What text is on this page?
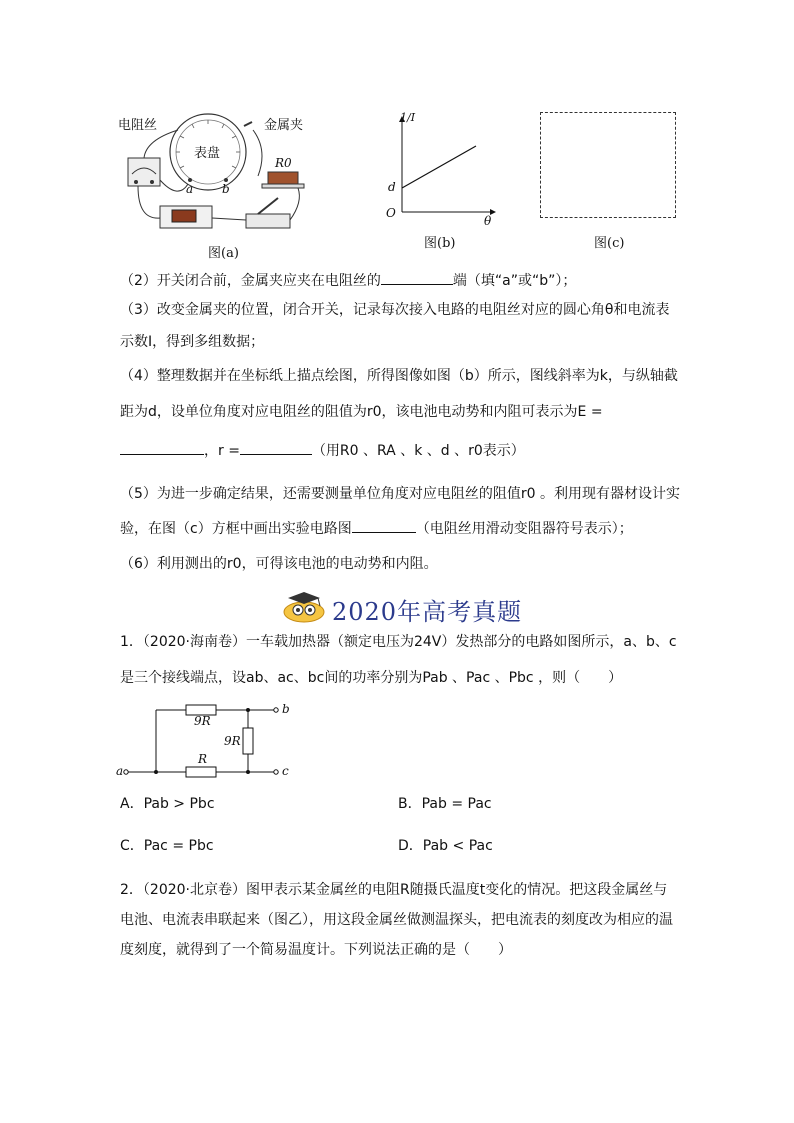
电阻丝	金属夹
表盘
R0
a b
图(a)
1/I
O
d
θ
图(b)	图(c)
（2）开关闭合前，金属夹应夹在电阻丝的	端（填“a”或“b”）；
（3）改变金属夹的位置，闭合开关，记录每次接入电路的电阻丝对应的圆心角θ和电流表
示数I，得到多组数据；
（4）整理数据并在坐标纸上描点绘图，所得图像如图（b）所示，图线斜率为k，与纵轴截
距为d，设单位角度对应电阻丝的阻值为r0，该电池电动势和内阻可表示为E =
，r =	（用R0 、RA 、k 、d 、r0表示）
（5）为进一步确定结果，还需要测量单位角度对应电阻丝的阻值r0 。利用现有器材设计实
验，在图（c）方框中画出实验电路图	（电阻丝用滑动变阻器符号表示）；
（6）利用测出的r0，可得该电池的电动势和内阻。
2020年高考真题
1．（2020·海南卷）一车载加热器（额定电压为24V）发热部分的电路如图所示，a、b、c
是三个接线端点，设ab、ac、bc间的功率分别为Pab 、Pac 、Pbc ，则（　　）
9R
9R
R
a
b
c
A．Pab > Pbc	B．Pab = Pac
C．Pac = Pbc	D．Pab < Pac
2．（2020·北京卷）图甲表示某金属丝的电阻R随摄氏温度t变化的情况。把这段金属丝与
电池、电流表串联起来（图乙），用这段金属丝做测温探头，把电流表的刻度改为相应的温
度刻度，就得到了一个简易温度计。下列说法正确的是（　　）
